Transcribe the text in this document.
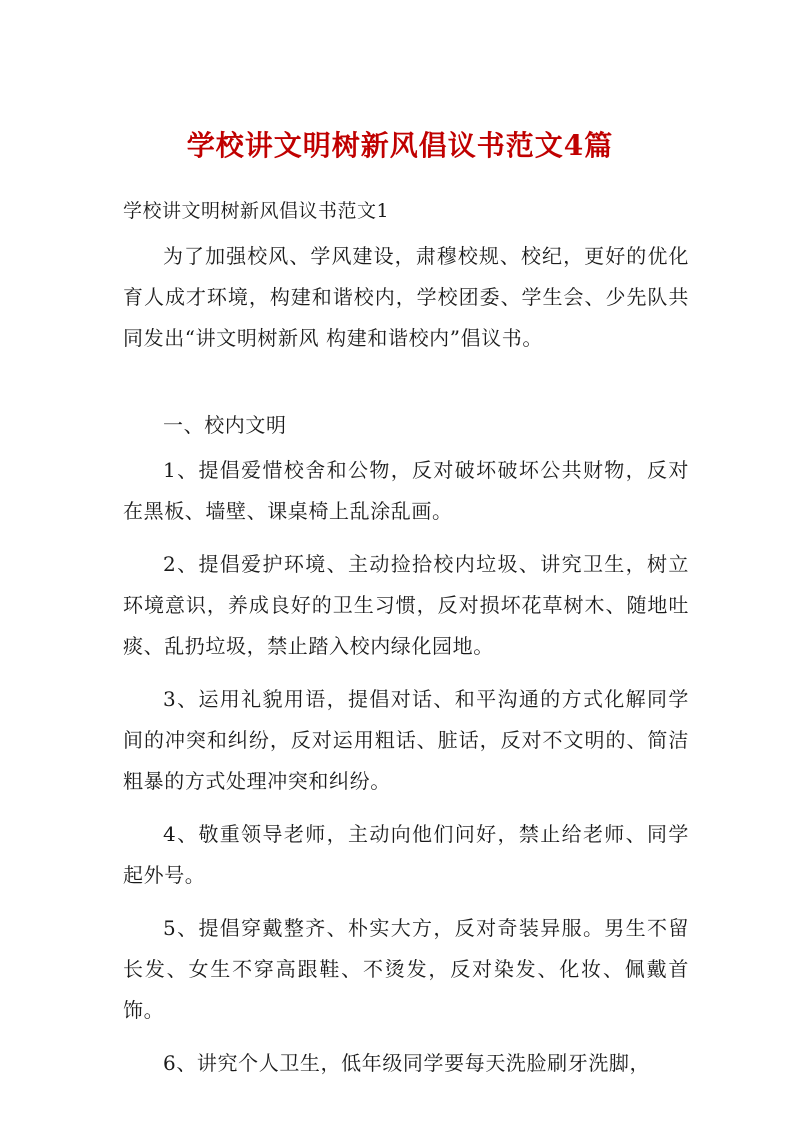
学校讲文明树新风倡议书范文4篇

学校讲文明树新风倡议书范文1

为了加强校风、学风建设，肃穆校规、校纪，更好的优化育人成才环境，构建和谐校内，学校团委、学生会、少先队共同发出“讲文明树新风 构建和谐校内”倡议书。

一、校内文明

1、提倡爱惜校舍和公物，反对破坏破坏公共财物，反对在黑板、墙壁、课桌椅上乱涂乱画。

2、提倡爱护环境、主动捡拾校内垃圾、讲究卫生，树立环境意识，养成良好的卫生习惯，反对损坏花草树木、随地吐痰、乱扔垃圾，禁止踏入校内绿化园地。

3、运用礼貌用语，提倡对话、和平沟通的方式化解同学间的冲突和纠纷，反对运用粗话、脏话，反对不文明的、简洁粗暴的方式处理冲突和纠纷。

4、敬重领导老师，主动向他们问好，禁止给老师、同学起外号。

5、提倡穿戴整齐、朴实大方，反对奇装异服。男生不留长发、女生不穿高跟鞋、不烫发，反对染发、化妆、佩戴首饰。

6、讲究个人卫生，低年级同学要每天洗脸刷牙洗脚，
